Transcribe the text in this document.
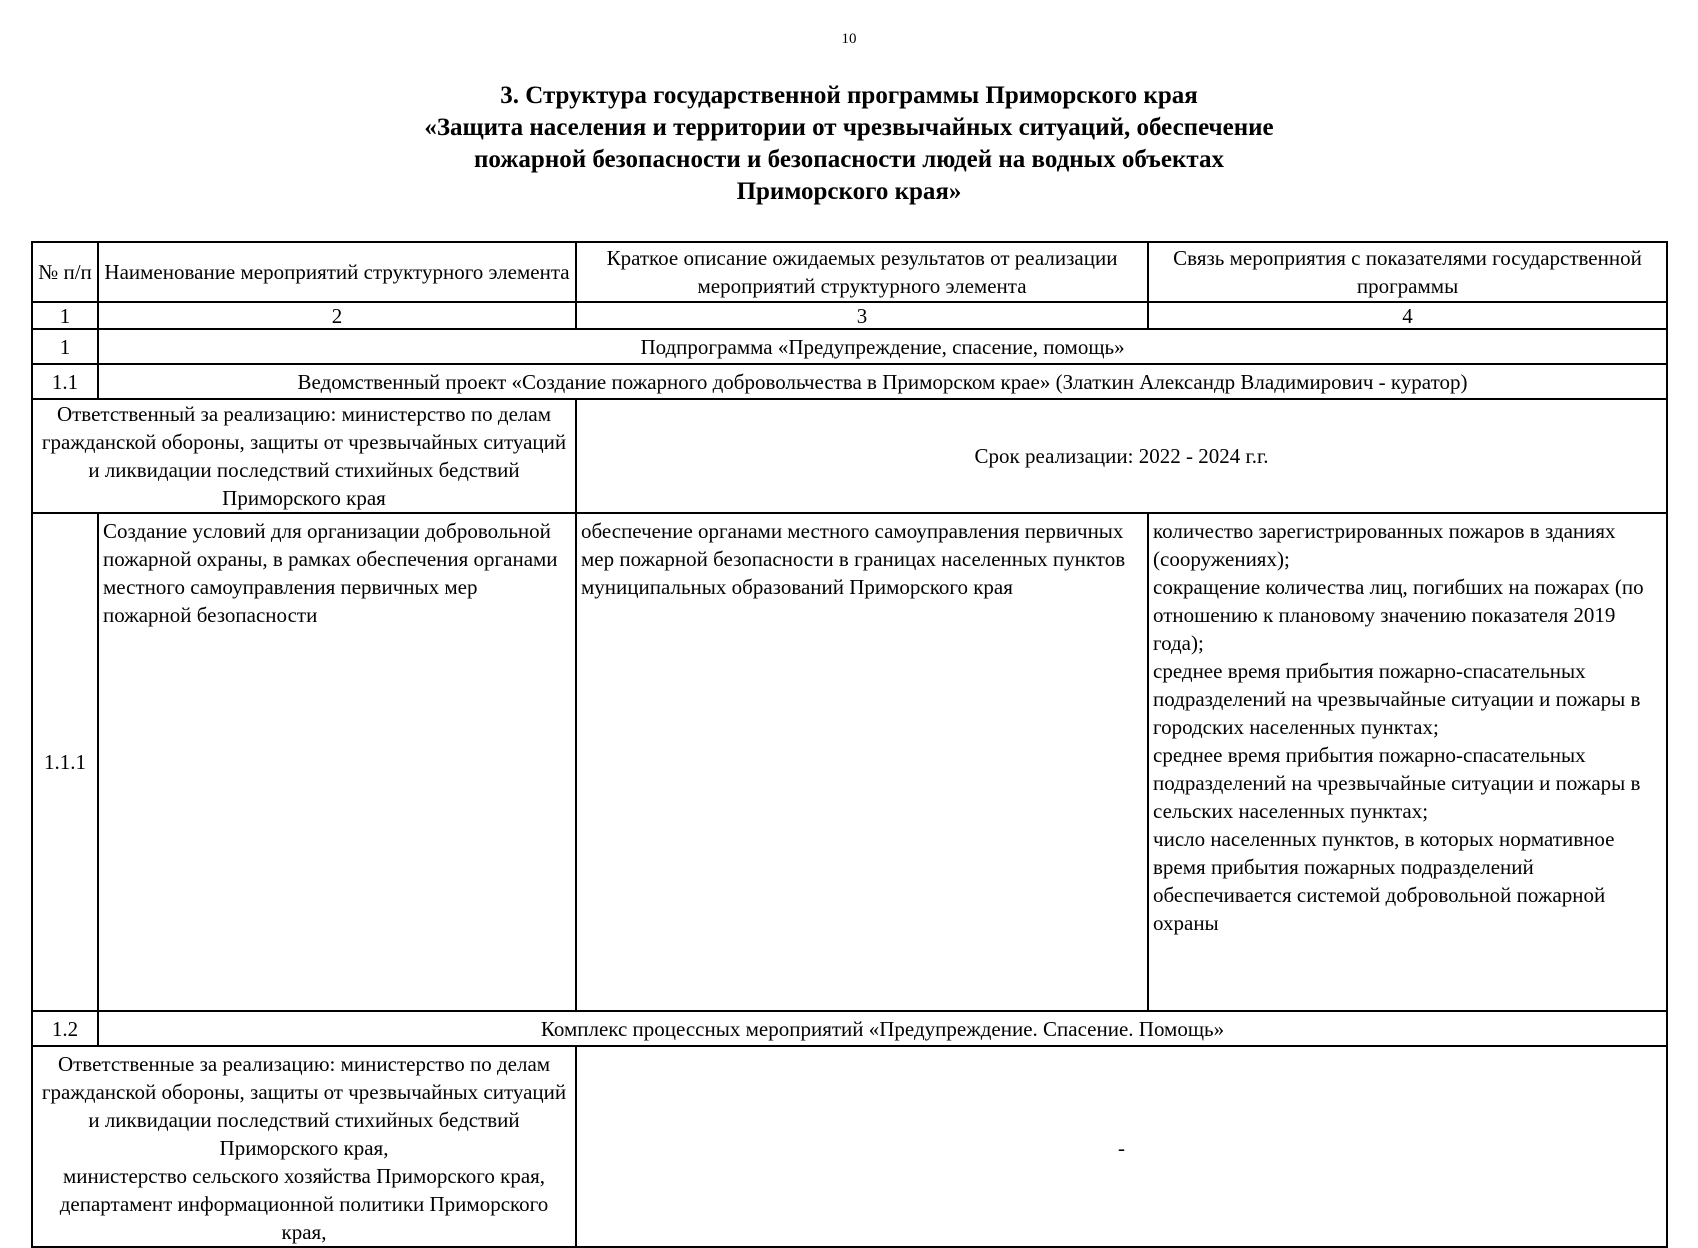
10
3. Структура государственной программы Приморского края
«Защита населения и территории от чрезвычайных ситуаций, обеспечение
пожарной безопасности и безопасности людей на водных объектах
Приморского края»
№ п/п	Наименование мероприятий структурного элемента	Краткое описание ожидаемых результатов от реализации мероприятий структурного элемента	Связь мероприятия с показателями государственной программы
1	2	3	4
1	Подпрограмма «Предупреждение, спасение, помощь»		
1.1	Ведомственный проект «Создание пожарного добровольчества в Приморском крае» (Златкин Александр Владимирович - куратор)		
Ответственный за реализацию: министерство по делам гражданской обороны, защиты от чрезвычайных ситуаций и ликвидации последствий стихийных бедствий Приморского края		Срок реализации: 2022 - 2024 г.г.	
1.1.1	Создание условий для организации добровольной пожарной охраны, в рамках обеспечения органами местного самоуправления первичных мер пожарной безопасности	обеспечение органами местного самоуправления первичных мер пожарной безопасности в границах населенных пунктов муниципальных образований Приморского края	количество зарегистрированных пожаров в зданиях (сооружениях);
сокращение количества лиц, погибших на пожарах (по отношению к плановому значению показателя 2019 года);
среднее время прибытия пожарно-спасательных подразделений на чрезвычайные ситуации и пожары в городских населенных пунктах;
среднее время прибытия пожарно-спасательных подразделений на чрезвычайные ситуации и пожары в сельских населенных пунктах;
число населенных пунктов, в которых нормативное время прибытия пожарных подразделений обеспечивается системой добровольной пожарной охраны

1.2	Комплекс процессных мероприятий «Предупреждение. Спасение. Помощь»		

Ответственные за реализацию: министерство по делам гражданской обороны, защиты от чрезвычайных ситуаций и ликвидации последствий стихийных бедствий Приморского края,
министерство сельского хозяйства Приморского края,
департамент информационной политики Приморского края,		-	
